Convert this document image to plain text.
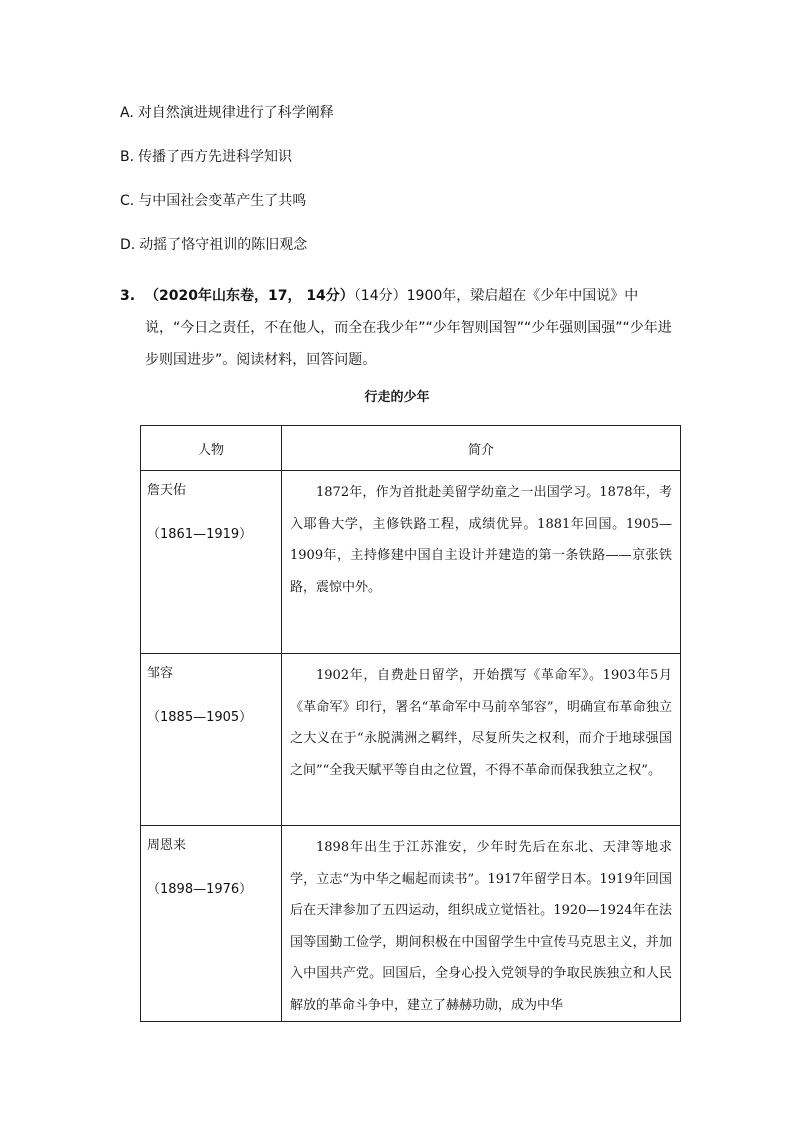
A. 对自然演进规律进行了科学阐释
B. 传播了西方先进科学知识
C. 与中国社会变革产生了共鸣
D. 动摇了恪守祖训的陈旧观念
3. （2020年山东卷，17， 14分）（14分）1900年，梁启超在《少年中国说》中说，“今日之责任，不在他人，而全在我少年”“少年智则国智”“少年强则国强”“少年进步则国进步”。阅读材料，回答问题。
行走的少年
人物	简介

詹天佑
（1861—1919）	1872年，作为首批赴美留学幼童之一出国学习。1878年，考入耶鲁大学，主修铁路工程，成绩优异。1881年回国。1905—1909年，主持修建中国自主设计并建造的第一条铁路——京张铁路，震惊中外。

邹容
（1885—1905）	1902年，自费赴日留学，开始撰写《革命军》。1903年5月《革命军》印行，署名“革命军中马前卒邹容”，明确宣布革命独立之大义在于“永脱满洲之羁绊，尽复所失之权利，而介于地球强国之间”“全我天赋平等自由之位置，不得不革命而保我独立之权”。

周恩来
（1898—1976）	1898年出生于江苏淮安，少年时先后在东北、天津等地求学，立志“为中华之崛起而读书”。1917年留学日本。1919年回国后在天津参加了五四运动，组织成立觉悟社。1920—1924年在法国等国勤工俭学，期间积极在中国留学生中宣传马克思主义，并加入中国共产党。回国后，全身心投入党领导的争取民族独立和人民解放的革命斗争中，建立了赫赫功勋，成为中华
